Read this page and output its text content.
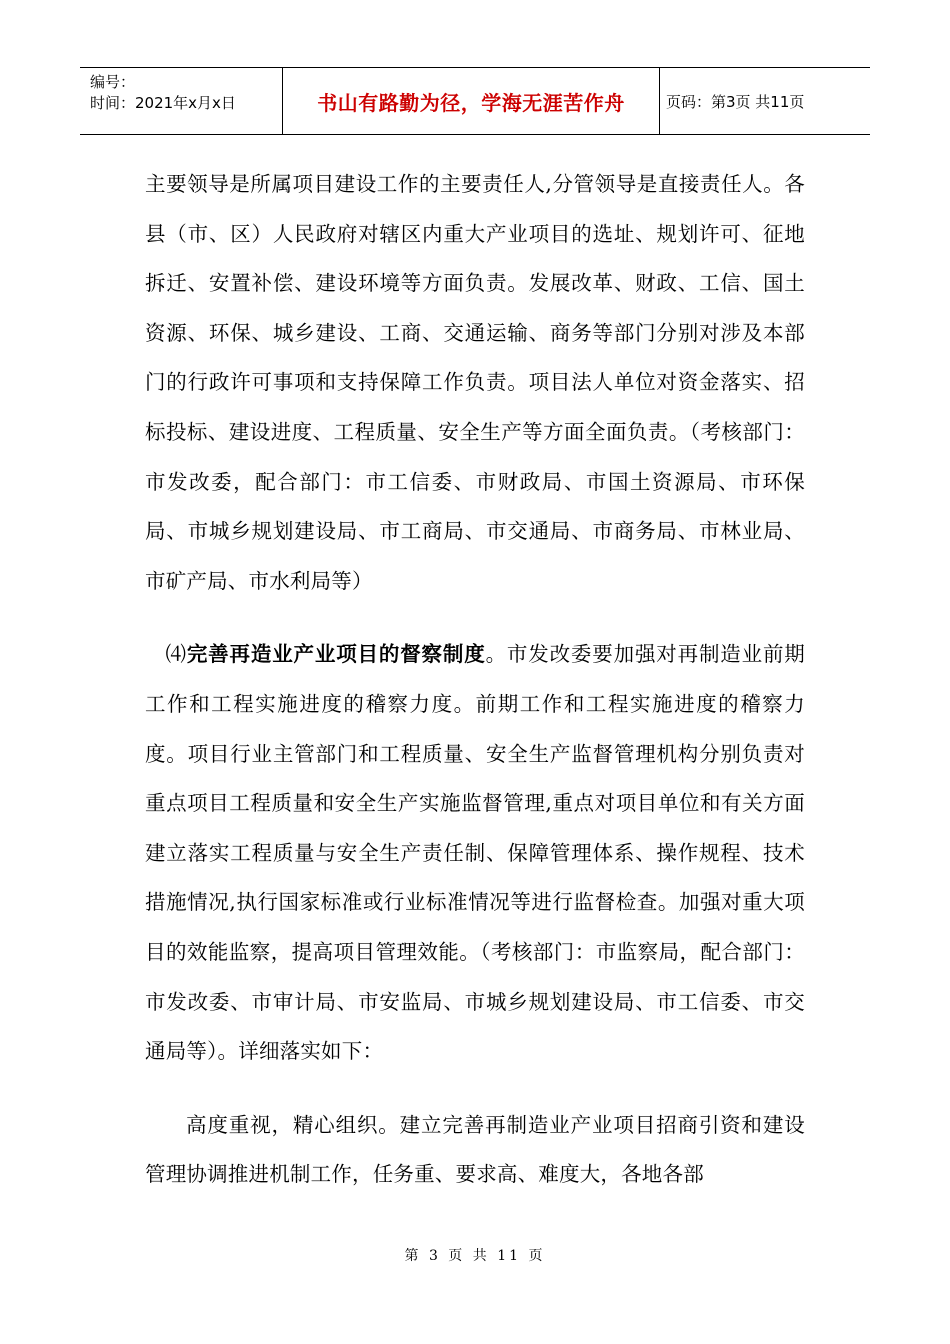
编号：
时间：2021年x月x日	书山有路勤为径，学海无涯苦作舟	页码：第3页 共11页

主要领导是所属项目建设工作的主要责任人,分管领导是直接责任人。各县（市、区）人民政府对辖区内重大产业项目的选址、规划许可、征地拆迁、安置补偿、建设环境等方面负责。发展改革、财政、工信、国土资源、环保、城乡建设、工商、交通运输、商务等部门分别对涉及本部门的行政许可事项和支持保障工作负责。项目法人单位对资金落实、招标投标、建设进度、工程质量、安全生产等方面全面负责。（考核部门：市发改委，配合部门：市工信委、市财政局、市国土资源局、市环保局、市城乡规划建设局、市工商局、市交通局、市商务局、市林业局、市矿产局、市水利局等）

⑷完善再造业产业项目的督察制度。市发改委要加强对再制造业前期工作和工程实施进度的稽察力度。前期工作和工程实施进度的稽察力度。项目行业主管部门和工程质量、安全生产监督管理机构分别负责对重点项目工程质量和安全生产实施监督管理,重点对项目单位和有关方面建立落实工程质量与安全生产责任制、保障管理体系、操作规程、技术措施情况,执行国家标准或行业标准情况等进行监督检查。加强对重大项目的效能监察，提高项目管理效能。（考核部门：市监察局，配合部门：市发改委、市审计局、市安监局、市城乡规划建设局、市工信委、市交通局等）。详细落实如下：

高度重视，精心组织。建立完善再制造业产业项目招商引资和建设管理协调推进机制工作，任务重、要求高、难度大，各地各部

第 3 页 共 11 页
